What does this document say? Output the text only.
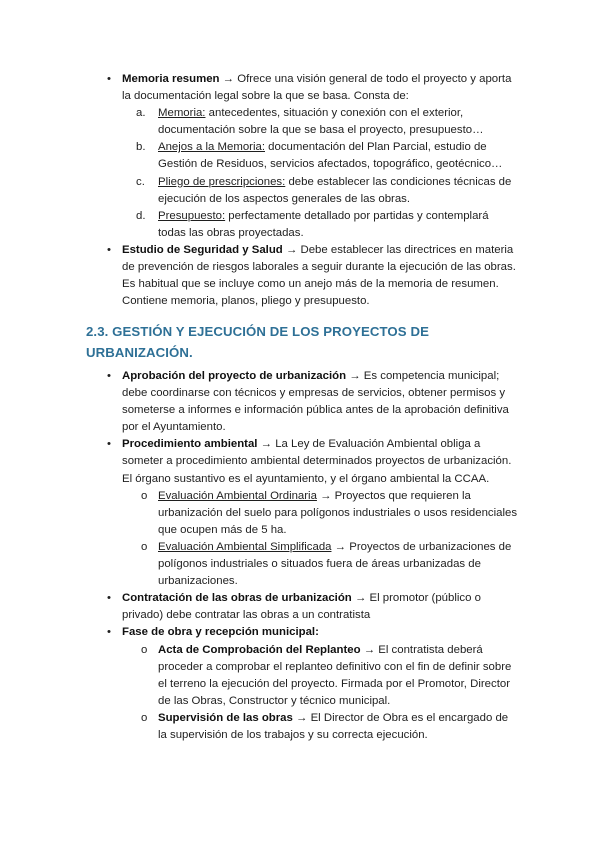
• Memoria resumen → Ofrece una visión general de todo el proyecto y aporta la documentación legal sobre la que se basa. Consta de:
a.	Memoria: antecedentes, situación y conexión con el exterior, documentación sobre la que se basa el proyecto, presupuesto…
b.	Anejos a la Memoria: documentación del Plan Parcial, estudio de Gestión de Residuos, servicios afectados, topográfico, geotécnico…
c.	Pliego de prescripciones: debe establecer las condiciones técnicas de ejecución de los aspectos generales de las obras.
d.	Presupuesto: perfectamente detallado por partidas y contemplará todas las obras proyectadas.
• Estudio de Seguridad y Salud → Debe establecer las directrices en materia de prevención de riesgos laborales a seguir durante la ejecución de las obras. Es habitual que se incluye como un anejo más de la memoria de resumen. Contiene memoria, planos, pliego y presupuesto.
2.3. GESTIÓN Y EJECUCIÓN DE LOS PROYECTOS DE URBANIZACIÓN.
• Aprobación del proyecto de urbanización → Es competencia municipal; debe coordinarse con técnicos y empresas de servicios, obtener permisos y someterse a informes e información pública antes de la aprobación definitiva por el Ayuntamiento.
• Procedimiento ambiental → La Ley de Evaluación Ambiental obliga a someter a procedimiento ambiental determinados proyectos de urbanización. El órgano sustantivo es el ayuntamiento, y el órgano ambiental la CCAA.
o Evaluación Ambiental Ordinaria → Proyectos que requieren la urbanización del suelo para polígonos industriales o usos residenciales que ocupen más de 5 ha.
o Evaluación Ambiental Simplificada → Proyectos de urbanizaciones de polígonos industriales o situados fuera de áreas urbanizadas de urbanizaciones.
• Contratación de las obras de urbanización → El promotor (público o privado) debe contratar las obras a un contratista
• Fase de obra y recepción municipal:
o Acta de Comprobación del Replanteo → El contratista deberá proceder a comprobar el replanteo definitivo con el fin de definir sobre el terreno la ejecución del proyecto. Firmada por el Promotor, Director de las Obras, Constructor y técnico municipal.
o Supervisión de las obras → El Director de Obra es el encargado de la supervisión de los trabajos y su correcta ejecución.
